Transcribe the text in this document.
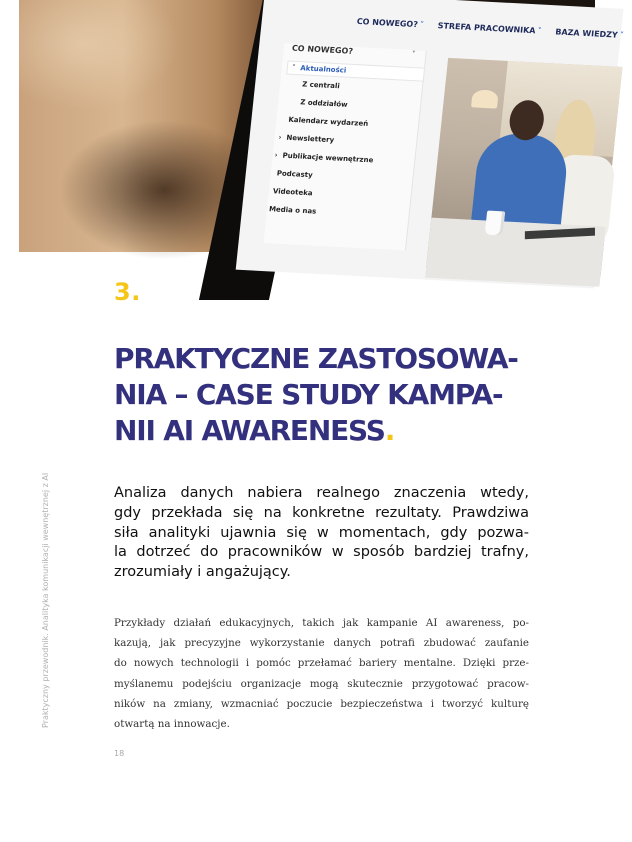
CO NOWEGO?˅ STREFA PRACOWNIKA˅ BAZA WIEDZY˅
CO NOWEGO?	˅
˅ Aktualności
Z centrali
Z oddziałów
Kalendarz wydarzeń
› Newslettery
› Publikacje wewnętrzne
Podcasty
Videoteka
Media o nas
Praktyczny przewodnik. Analityka komunikacji wewnętrznej z AI
3.
PRAKTYCZNE ZASTOSOWA-
NIA – CASE STUDY KAMPA-
NII AI AWARENESS.
Analiza danych nabiera realnego znaczenia wtedy,
gdy przekłada się na konkretne rezultaty. Prawdziwa
siła analityki ujawnia się w momentach, gdy pozwa-
la dotrzeć do pracowników w sposób bardziej trafny,
zrozumiały i angażujący.
Przykłady działań edukacyjnych, takich jak kampanie AI awareness, po-
kazują, jak precyzyjne wykorzystanie danych potrafi zbudować zaufanie
do nowych technologii i pomóc przełamać bariery mentalne. Dzięki prze-
myślanemu podejściu organizacje mogą skutecznie przygotować pracow-
ników na zmiany, wzmacniać poczucie bezpieczeństwa i tworzyć kulturę
otwartą na innowacje.
18
